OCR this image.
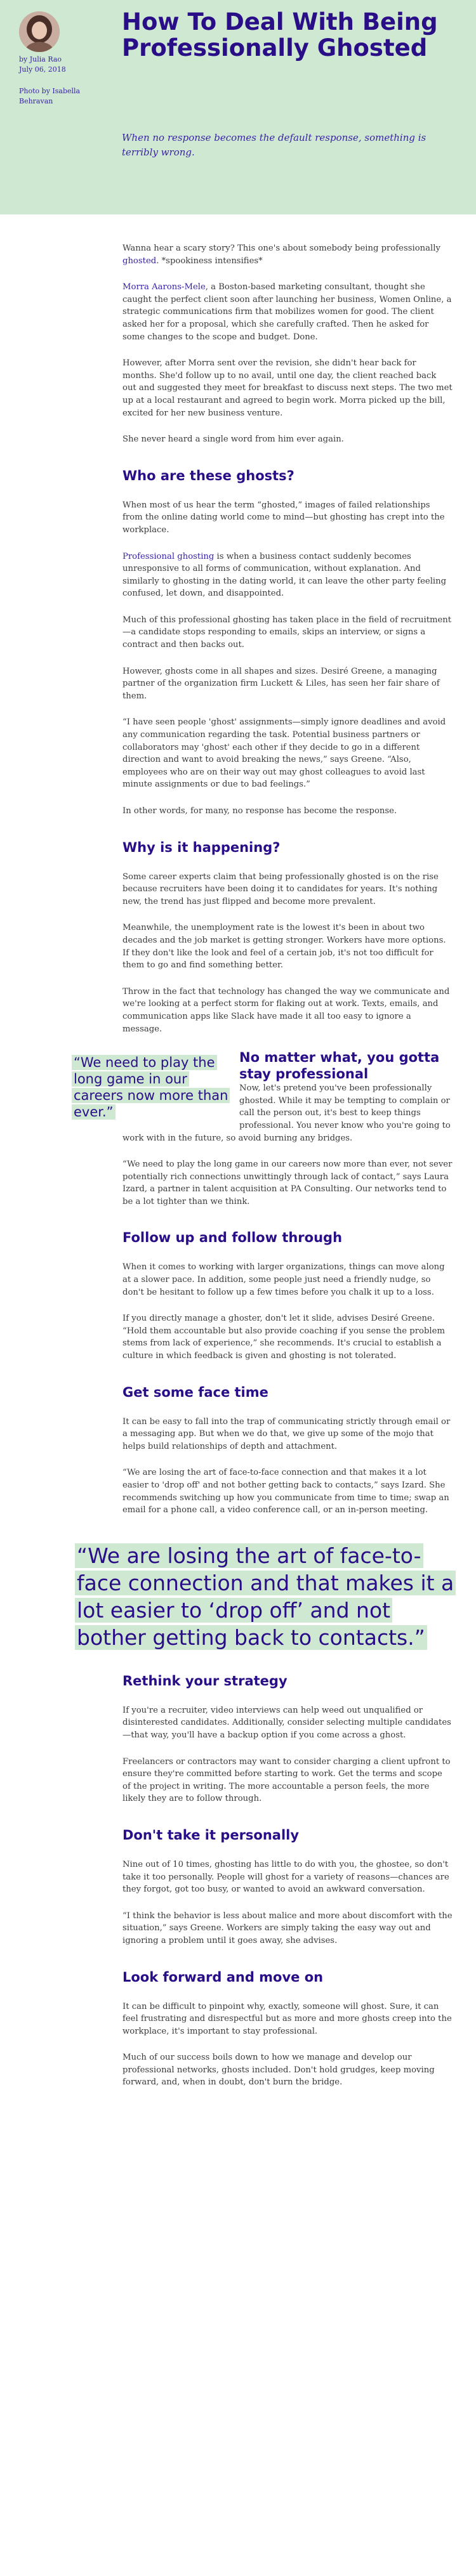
by Julia Rao
July 06, 2018
Photo by Isabella Behravan
How To Deal With Being Professionally Ghosted

When no response becomes the default response, something is terribly wrong.

Wanna hear a scary story? This one's about somebody being professionally ghosted. *spookiness intensifies*

Morra Aarons-Mele, a Boston-based marketing consultant, thought she caught the perfect client soon after launching her business, Women Online, a strategic communications firm that mobilizes women for good. The client asked her for a proposal, which she carefully crafted. Then he asked for some changes to the scope and budget. Done.

However, after Morra sent over the revision, she didn't hear back for months. She'd follow up to no avail, until one day, the client reached back out and suggested they meet for breakfast to discuss next steps. The two met up at a local restaurant and agreed to begin work. Morra picked up the bill, excited for her new business venture.

She never heard a single word from him ever again.

Who are these ghosts?

When most of us hear the term “ghosted,” images of failed relationships from the online dating world come to mind—but ghosting has crept into the workplace.

Professional ghosting is when a business contact suddenly becomes unresponsive to all forms of communication, without explanation. And similarly to ghosting in the dating world, it can leave the other party feeling confused, let down, and disappointed.

Much of this professional ghosting has taken place in the field of recruitment—a candidate stops responding to emails, skips an interview, or signs a contract and then backs out.

However, ghosts come in all shapes and sizes. Desiré Greene, a managing partner of the organization firm Luckett & Liles, has seen her fair share of them.

“I have seen people 'ghost' assignments—simply ignore deadlines and avoid any communication regarding the task. Potential business partners or collaborators may 'ghost' each other if they decide to go in a different direction and want to avoid breaking the news,” says Greene. “Also, employees who are on their way out may ghost colleagues to avoid last minute assignments or due to bad feelings.”

In other words, for many, no response has become the response.

Why is it happening?

Some career experts claim that being professionally ghosted is on the rise because recruiters have been doing it to candidates for years. It's nothing new, the trend has just flipped and become more prevalent.

Meanwhile, the unemployment rate is the lowest it's been in about two decades and the job market is getting stronger. Workers have more options. If they don't like the look and feel of a certain job, it's not too difficult for them to go and find something better.

Throw in the fact that technology has changed the way we communicate and we're looking at a perfect storm for flaking out at work. Texts, emails, and communication apps like Slack have made it all too easy to ignore a message.

“We need to play the long game in our careers now more than ever.”
No matter what, you gotta stay professional

Now, let's pretend you've been professionally ghosted. While it may be tempting to complain or call the person out, it's best to keep things professional. You never know who you're going to work with in the future, so avoid burning any bridges.

“We need to play the long game in our careers now more than ever, not sever potentially rich connections unwittingly through lack of contact,” says Laura Izard, a partner in talent acquisition at PA Consulting. Our networks tend to be a lot tighter than we think.

Follow up and follow through

When it comes to working with larger organizations, things can move along at a slower pace. In addition, some people just need a friendly nudge, so don't be hesitant to follow up a few times before you chalk it up to a loss.

If you directly manage a ghoster, don't let it slide, advises Desiré Greene. “Hold them accountable but also provide coaching if you sense the problem stems from lack of experience,” she recommends. It's crucial to establish a culture in which feedback is given and ghosting is not tolerated.

Get some face time

It can be easy to fall into the trap of communicating strictly through email or a messaging app. But when we do that, we give up some of the mojo that helps build relationships of depth and attachment.

“We are losing the art of face-to-face connection and that makes it a lot easier to 'drop off' and not bother getting back to contacts,” says Izard. She recommends switching up how you communicate from time to time; swap an email for a phone call, a video conference call, or an in-person meeting.

“We are losing the art of face-to-face connection and that makes it a lot easier to ‘drop off’ and not bother getting back to contacts.”
Rethink your strategy

If you're a recruiter, video interviews can help weed out unqualified or disinterested candidates. Additionally, consider selecting multiple candidates—that way, you'll have a backup option if you come across a ghost.

Freelancers or contractors may want to consider charging a client upfront to ensure they're committed before starting to work. Get the terms and scope of the project in writing. The more accountable a person feels, the more likely they are to follow through.

Don't take it personally

Nine out of 10 times, ghosting has little to do with you, the ghostee, so don't take it too personally. People will ghost for a variety of reasons—chances are they forgot, got too busy, or wanted to avoid an awkward conversation.

“I think the behavior is less about malice and more about discomfort with the situation,” says Greene. Workers are simply taking the easy way out and ignoring a problem until it goes away, she advises.

Look forward and move on

It can be difficult to pinpoint why, exactly, someone will ghost. Sure, it can feel frustrating and disrespectful but as more and more ghosts creep into the workplace, it's important to stay professional.

Much of our success boils down to how we manage and develop our professional networks, ghosts included. Don't hold grudges, keep moving forward, and, when in doubt, don't burn the bridge.
